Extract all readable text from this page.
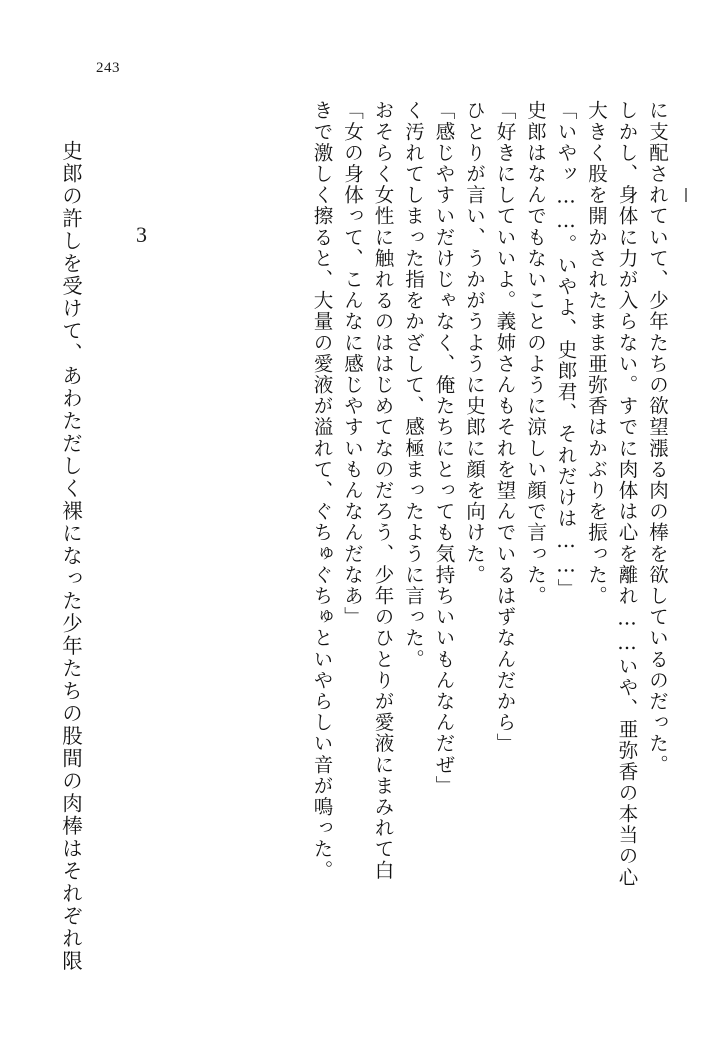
243
3	きで激しく擦ると、大量の愛液が溢れて、ぐちゅぐちゅといやらしい音が鳴った。 「女の身体って、こんなに感じやすいもんなんだなあ」 おそらく女性に触れるのははじめてなのだろう、少年のひとりが愛液にまみれて白 く汚れてしまった指をかざして、感極まったように言った。 「感じやすいだけじゃなく、俺たちにとっても気持ちいいもんなんだぜ」 ひとりが言い、うかがうように史郎に顔を向けた。 「好きにしていいよ。義姉さんもそれを望んでいるはずなんだから」 史郎はなんでもないことのように涼しい顔で言った。 「いやッ……。いやよ、史郎君、それだけは……」 大きく股を開かされたまま亜弥香はかぶりを振った。 しかし、身体に力が入らない。すでに肉体は心を離れ……いや、亜弥香の本当の心 に支配されていて、少年たちの欲望漲る肉の棒を欲しているのだった。
史郎の許しを受けて、あわただしく裸になった少年たちの股間の肉棒はそれぞれ限
